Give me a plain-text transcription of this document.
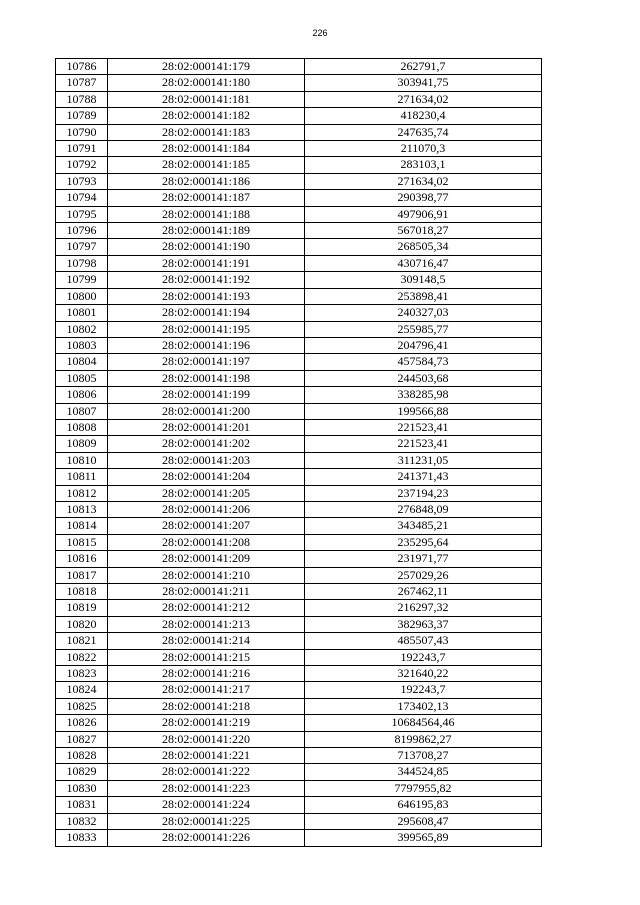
226
10786	28:02:000141:179	262791,7
10787	28:02:000141:180	303941,75
10788	28:02:000141:181	271634,02
10789	28:02:000141:182	418230,4
10790	28:02:000141:183	247635,74
10791	28:02:000141:184	211070,3
10792	28:02:000141:185	283103,1
10793	28:02:000141:186	271634,02
10794	28:02:000141:187	290398,77
10795	28:02:000141:188	497906,91
10796	28:02:000141:189	567018,27
10797	28:02:000141:190	268505,34
10798	28:02:000141:191	430716,47
10799	28:02:000141:192	309148,5
10800	28:02:000141:193	253898,41
10801	28:02:000141:194	240327,03
10802	28:02:000141:195	255985,77
10803	28:02:000141:196	204796,41
10804	28:02:000141:197	457584,73
10805	28:02:000141:198	244503,68
10806	28:02:000141:199	338285,98
10807	28:02:000141:200	199566,88
10808	28:02:000141:201	221523,41
10809	28:02:000141:202	221523,41
10810	28:02:000141:203	311231,05
10811	28:02:000141:204	241371,43
10812	28:02:000141:205	237194,23
10813	28:02:000141:206	276848,09
10814	28:02:000141:207	343485,21
10815	28:02:000141:208	235295,64
10816	28:02:000141:209	231971,77
10817	28:02:000141:210	257029,26
10818	28:02:000141:211	267462,11
10819	28:02:000141:212	216297,32
10820	28:02:000141:213	382963,37
10821	28:02:000141:214	485507,43
10822	28:02:000141:215	192243,7
10823	28:02:000141:216	321640,22
10824	28:02:000141:217	192243,7
10825	28:02:000141:218	173402,13
10826	28:02:000141:219	10684564,46
10827	28:02:000141:220	8199862,27
10828	28:02:000141:221	713708,27
10829	28:02:000141:222	344524,85
10830	28:02:000141:223	7797955,82
10831	28:02:000141:224	646195,83
10832	28:02:000141:225	295608,47
10833	28:02:000141:226	399565,89
